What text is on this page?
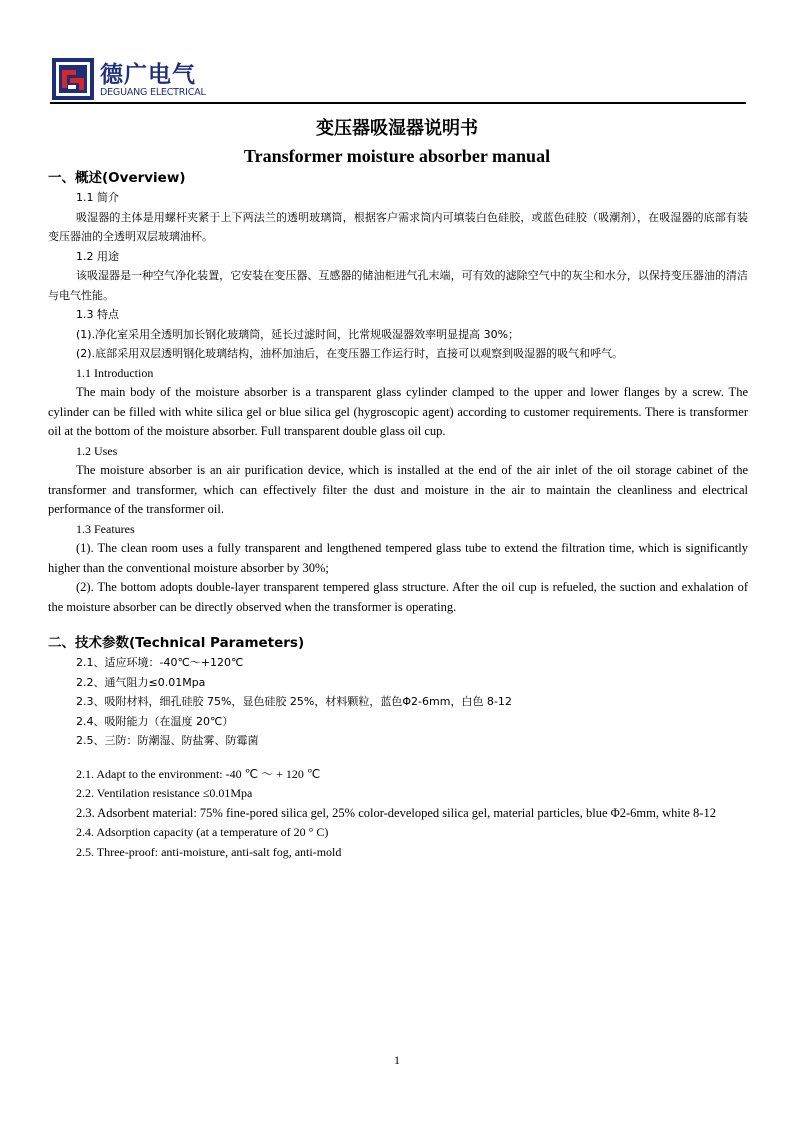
德广电气
DEGUANG ELECTRICAL
变压器吸湿器说明书
Transformer moisture absorber manual

一、概述(Overview)

1.1 简介

吸湿器的主体是用螺杆夹紧于上下两法兰的透明玻璃筒，根据客户需求筒内可填装白色硅胶，或蓝色硅胶（吸潮剂），在吸湿器的底部有装变压器油的全透明双层玻璃油杯。

1.2 用途

该吸湿器是一种空气净化装置，它安装在变压器、互感器的储油柜进气孔末端，可有效的滤除空气中的灰尘和水分，以保持变压器油的清洁与电气性能。

1.3 特点

(1).净化室采用全透明加长钢化玻璃筒，延长过滤时间，比常规吸湿器效率明显提高 30%；

(2).底部采用双层透明钢化玻璃结构，油杯加油后，在变压器工作运行时，直接可以观察到吸湿器的吸气和呼气。

1.1 Introduction

The main body of the moisture absorber is a transparent glass cylinder clamped to the upper and lower flanges by a screw. The cylinder can be filled with white silica gel or blue silica gel (hygroscopic agent) according to customer requirements. There is transformer oil at the bottom of the moisture absorber. Full transparent double glass oil cup.

1.2 Uses

The moisture absorber is an air purification device, which is installed at the end of the air inlet of the oil storage cabinet of the transformer and transformer, which can effectively filter the dust and moisture in the air to maintain the cleanliness and electrical performance of the transformer oil.

1.3 Features

(1). The clean room uses a fully transparent and lengthened tempered glass tube to extend the filtration time, which is significantly higher than the conventional moisture absorber by 30%;

(2). The bottom adopts double-layer transparent tempered glass structure. After the oil cup is refueled, the suction and exhalation of the moisture absorber can be directly observed when the transformer is operating.

二、技术参数(Technical Parameters)

2.1、适应环境：-40℃～+120℃

2.2、通气阻力≤0.01Mpa

2.3、吸附材料，细孔硅胶 75%，显色硅胶 25%，材料颗粒，蓝色Φ2-6mm，白色 8-12

2.4、吸附能力（在温度 20℃）

2.5、三防：防潮湿、防盐雾、防霉菌

2.1. Adapt to the environment: -40 ℃ ～ + 120 ℃

2.2. Ventilation resistance ≤0.01Mpa

2.3. Adsorbent material: 75% fine-pored silica gel, 25% color-developed silica gel, material particles, blue Φ2-6mm, white 8-12

2.4. Adsorption capacity (at a temperature of 20 ° C)

2.5. Three-proof: anti-moisture, anti-salt fog, anti-mold

1
